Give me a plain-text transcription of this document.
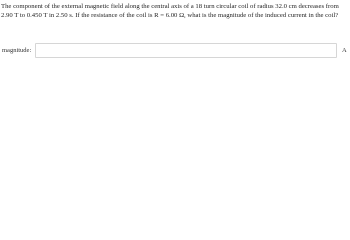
The component of the external magnetic field along the central axis of a 18 turn circular coil of radius 32.0 cm decreases from
2.90 T to 0.450 T in 2.50 s. If the resistance of the coil is R = 6.00 Ω, what is the magnitude of the induced current in the coil?
magnitude:	A
